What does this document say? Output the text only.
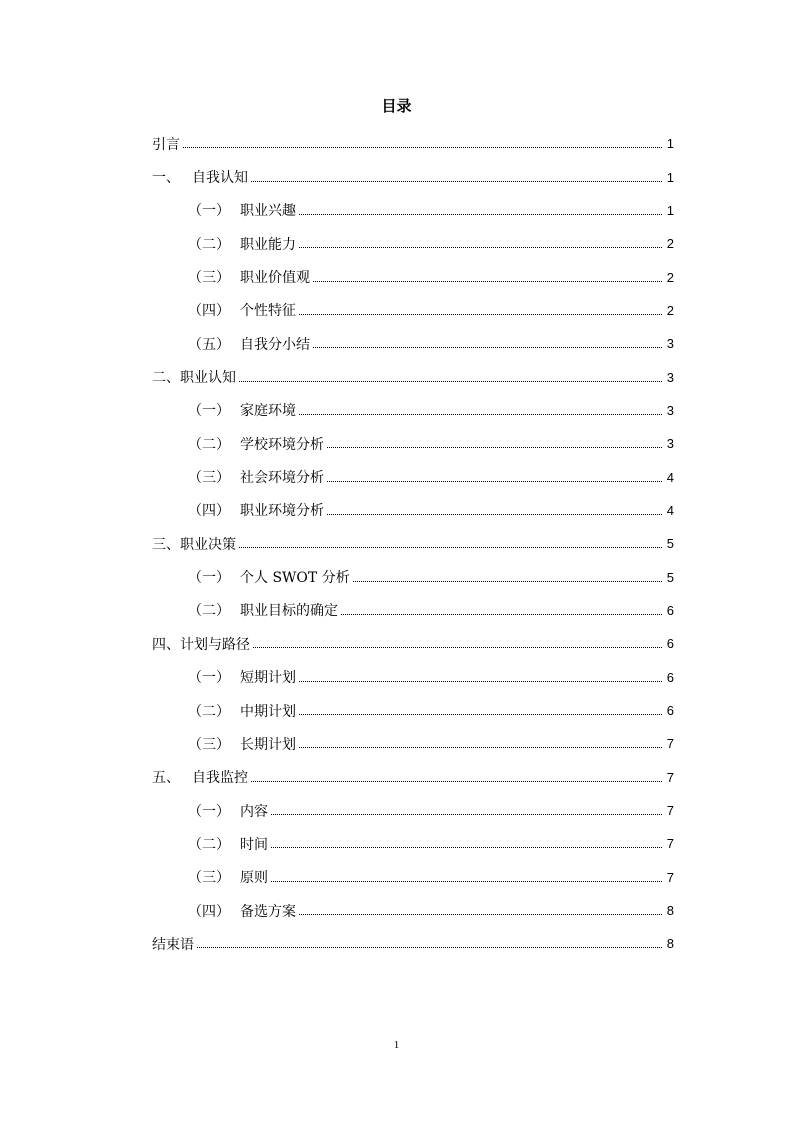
目录
引言	1
一、 自我认知	1
（一） 职业兴趣	1
（二） 职业能力	2
（三） 职业价值观	2
（四） 个性特征	2
（五） 自我分小结	3
二、职业认知	3
（一） 家庭环境	3
（二） 学校环境分析	3
（三） 社会环境分析	4
（四） 职业环境分析	4
三、职业决策	5
（一） 个人 SWOT 分析	5
（二） 职业目标的确定	6
四、计划与路径	6
（一） 短期计划	6
（二） 中期计划	6
（三） 长期计划	7
五、 自我监控	7
（一） 内容	7
（二） 时间	7
（三） 原则	7
（四） 备选方案	8
结束语	8
1
